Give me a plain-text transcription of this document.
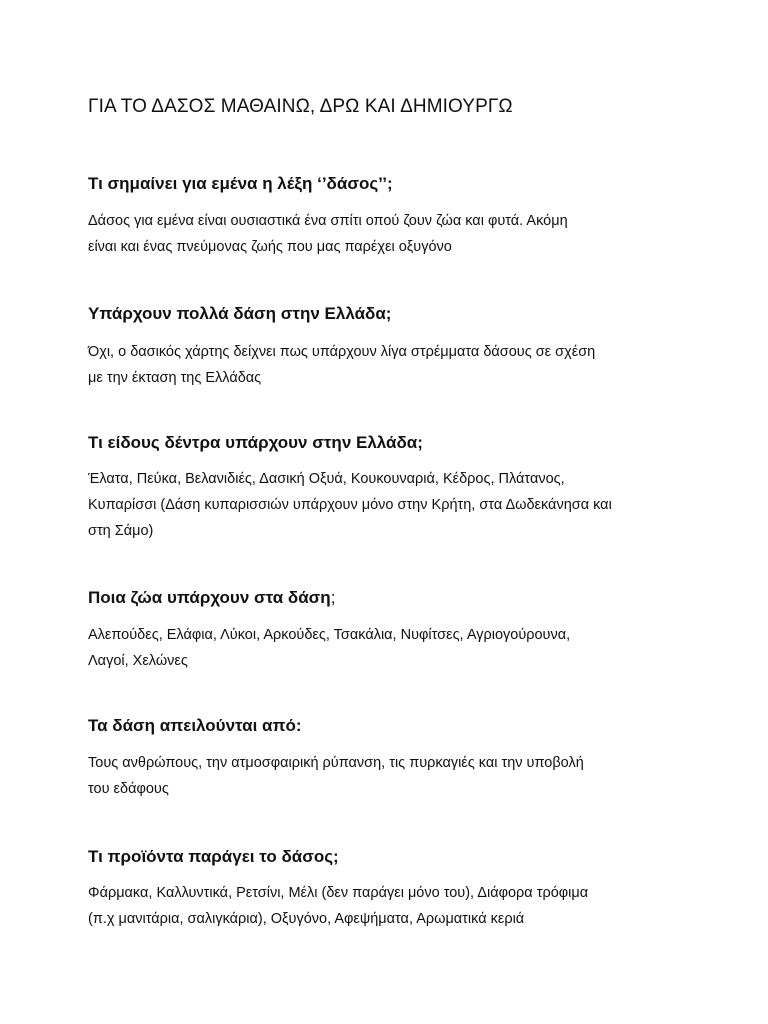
ΓΙΑ ΤΟ ΔΑΣΟΣ ΜΑΘΑΙΝΩ, ΔΡΩ ΚΑΙ ΔΗΜΙΟΥΡΓΩ
Τι σημαίνει για εμένα η λέξη ‘’δάσος’’;

Δάσος για εμένα είναι ουσιαστικά ένα σπίτι οπού ζουν ζώα και φυτά. Ακόμη
είναι και ένας πνεύμονας ζωής που μας παρέχει οξυγόνο

Υπάρχουν πολλά δάση στην Ελλάδα;

Όχι, ο δασικός χάρτης δείχνει πως υπάρχουν λίγα στρέμματα δάσους σε σχέση
με την έκταση της Ελλάδας

Τι είδους δέντρα υπάρχουν στην Ελλάδα;

Έλατα, Πεύκα, Βελανιδιές, Δασική Οξυά, Κουκουναριά, Κέδρος, Πλάτανος,
Κυπαρίσσι (Δάση κυπαρισσιών υπάρχουν μόνο στην Κρήτη, στα Δωδεκάνησα και
στη Σάμο)

Ποια ζώα υπάρχουν στα δάση;

Αλεπούδες, Ελάφια, Λύκοι, Αρκούδες, Τσακάλια, Νυφίτσες, Αγριογούρουνα,
Λαγοί, Χελώνες

Τα δάση απειλούνται από:

Τους ανθρώπους, την ατμοσφαιρική ρύπανση, τις πυρκαγιές και την υποβολή
του εδάφους

Τι προϊόντα παράγει το δάσος;

Φάρμακα, Καλλυντικά, Ρετσίνι, Μέλι (δεν παράγει μόνο του), Διάφορα τρόφιμα
(π.χ μανιτάρια, σαλιγκάρια), Οξυγόνο, Αφεψήματα, Αρωματικά κεριά
